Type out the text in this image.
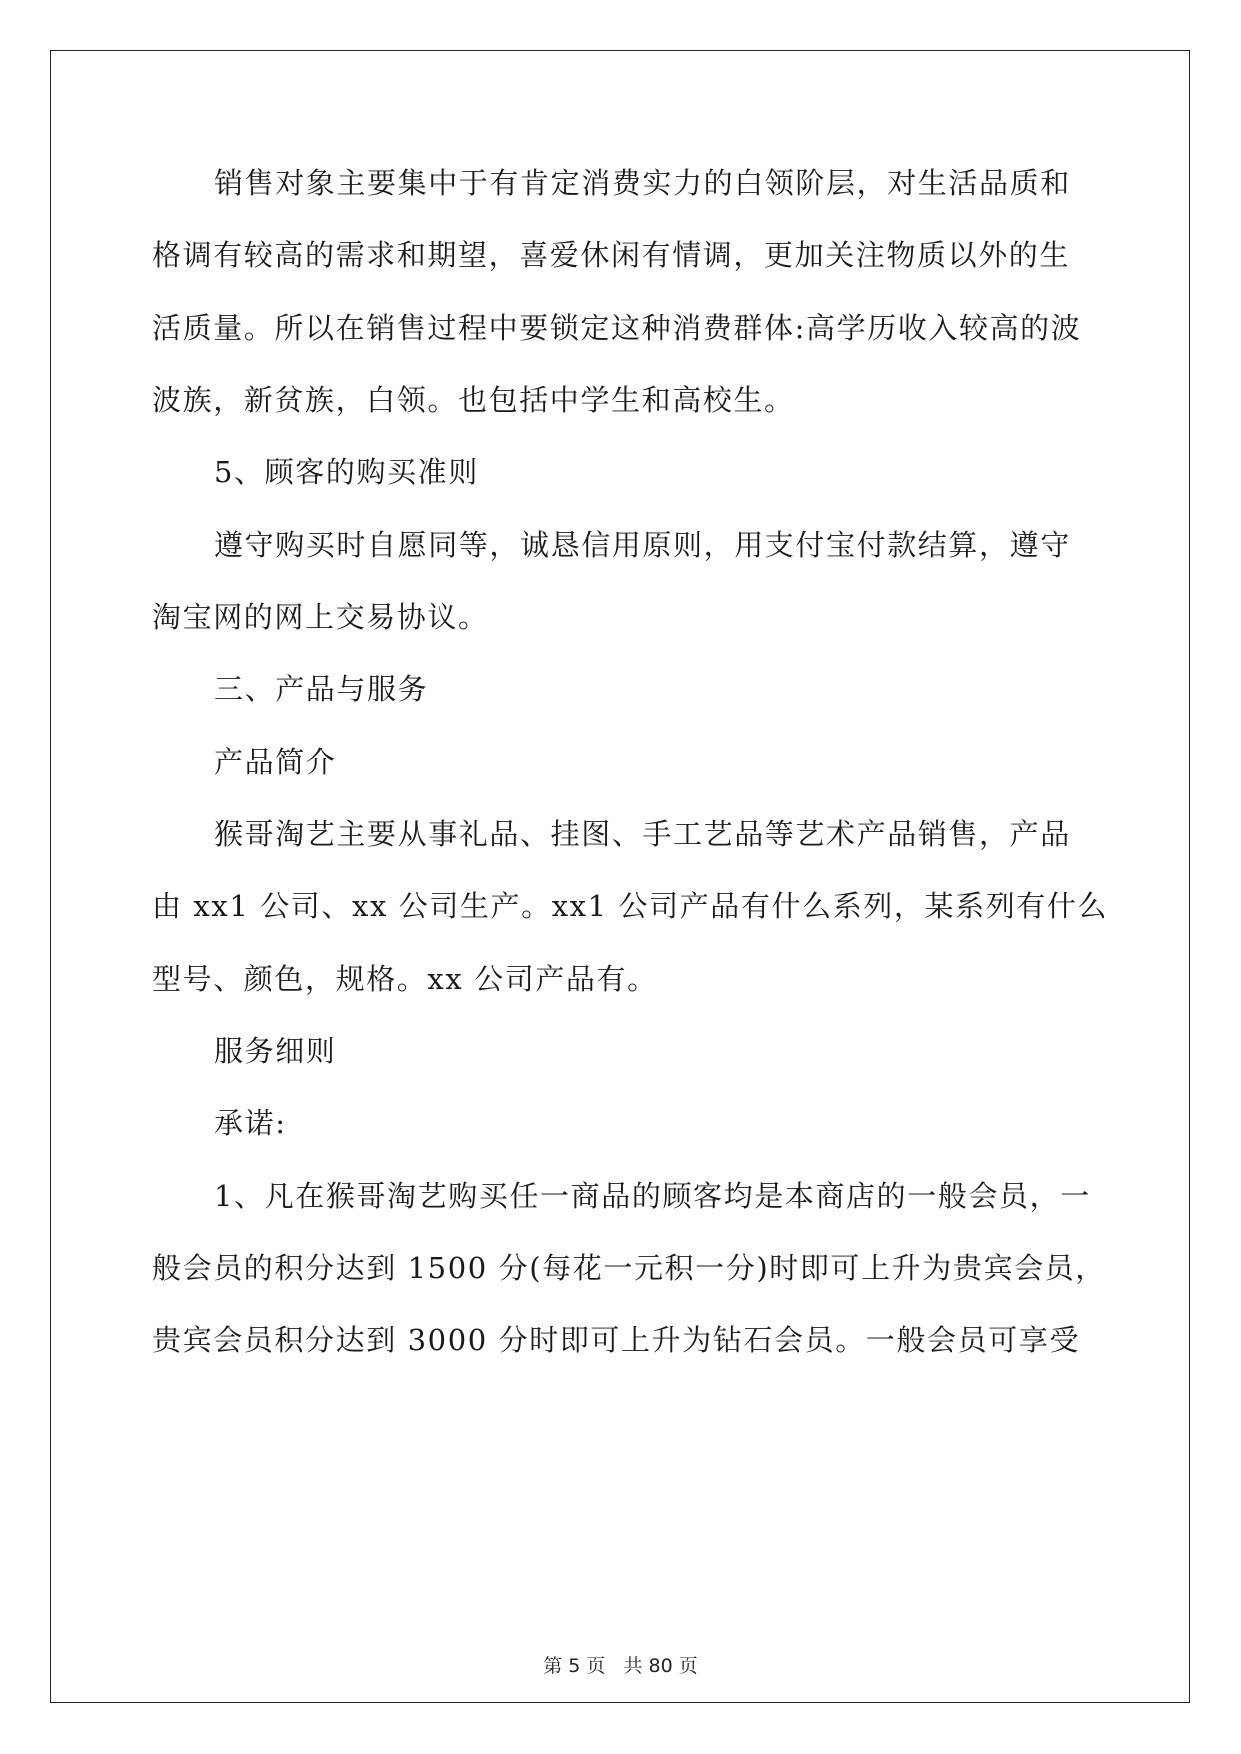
销售对象主要集中于有肯定消费实力的白领阶层，对生活品质和
格调有较高的需求和期望，喜爱休闲有情调，更加关注物质以外的生
活质量。所以在销售过程中要锁定这种消费群体:高学历收入较高的波
波族，新贫族，白领。也包括中学生和高校生。
5、顾客的购买准则
遵守购买时自愿同等，诚恳信用原则，用支付宝付款结算，遵守
淘宝网的网上交易协议。
三、产品与服务
产品简介
猴哥淘艺主要从事礼品、挂图、手工艺品等艺术产品销售，产品
由 xx1 公司、xx 公司生产。xx1 公司产品有什么系列，某系列有什么
型号、颜色，规格。xx 公司产品有。
服务细则
承诺:
1、凡在猴哥淘艺购买任一商品的顾客均是本商店的一般会员，一
般会员的积分达到 1500 分(每花一元积一分)时即可上升为贵宾会员，
贵宾会员积分达到 3000 分时即可上升为钻石会员。一般会员可享受
第 5 页 共 80 页
